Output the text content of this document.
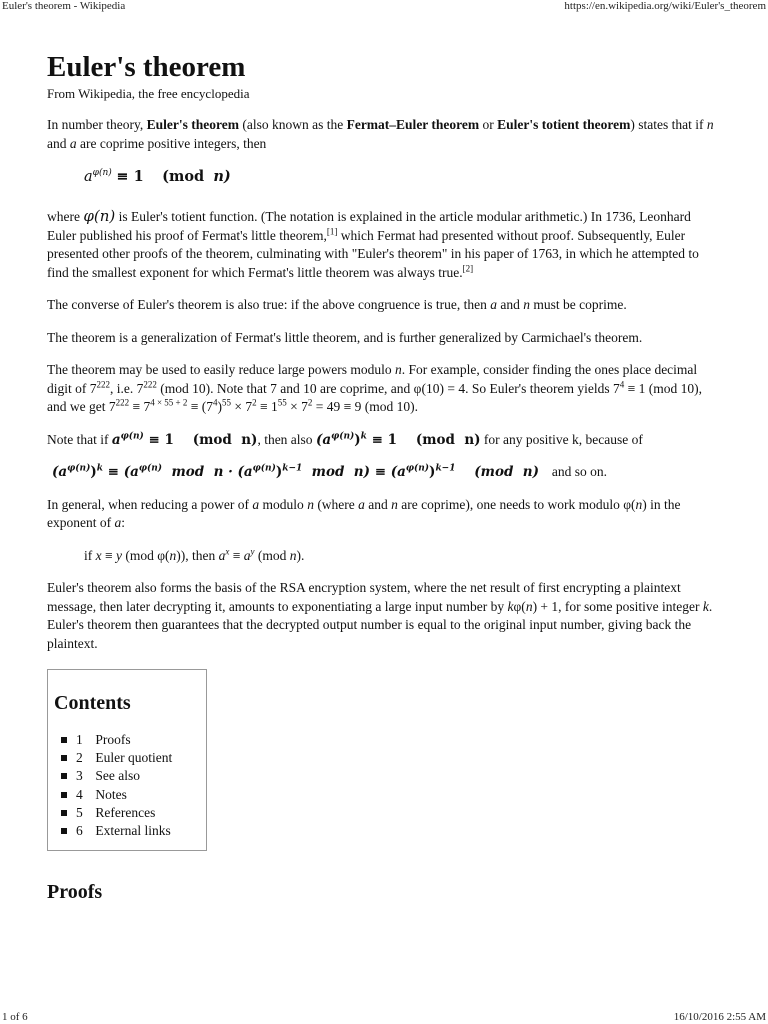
Euler's theorem - Wikipedia	https://en.wikipedia.org/wiki/Euler's_theorem
Euler's theorem
From Wikipedia, the free encyclopedia

In number theory, Euler's theorem (also known as the Fermat–Euler theorem or Euler's totient theorem) states that if n and a are coprime positive integers, then

$a^{\varphi(n)} \equiv 1$ (mod n)

where φ(n) is Euler's totient function. (The notation is explained in the article modular arithmetic.) In 1736, Leonhard Euler published his proof of Fermat's little theorem,[1] which Fermat had presented without proof. Subsequently, Euler presented other proofs of the theorem, culminating with "Euler's theorem" in his paper of 1763, in which he attempted to find the smallest exponent for which Fermat's little theorem was always true.[2]

The converse of Euler's theorem is also true: if the above congruence is true, then a and n must be coprime.

The theorem is a generalization of Fermat's little theorem, and is further generalized by Carmichael's theorem.

The theorem may be used to easily reduce large powers modulo n. For example, consider finding the ones place decimal digit of $7^{222}$, i.e. $7^{222}$ (mod 10). Note that 7 and 10 are coprime, and φ(10) = 4. So Euler's theorem yields $7^4 \equiv 1$ (mod 10), and we get $7^{222} \equiv 7^{4 \times 55 + 2} \equiv (7^4)^{55} \times 7^2 \equiv 1^{55} \times 7^2 = 49 \equiv 9$ (mod 10).

Note that if $a^{\varphi(n)} \equiv 1$    (mod  n), then also $(a^{\varphi(n)})^k \equiv 1$    (mod  n) for any positive k, because of

$(a^{\varphi(n)})^k \equiv (a^{\varphi(n)}$  mod  $n \cdot (a^{\varphi(n)})^{k-1}$  mod  $n) \equiv (a^{\varphi(n)})^{k-1}$    (mod  n) and so on.

In general, when reducing a power of a modulo n (where a and n are coprime), one needs to work modulo φ(n) in the exponent of a:

if x ≡ y (mod φ(n)), then $a^x \equiv a^y$ (mod n).

Euler's theorem also forms the basis of the RSA encryption system, where the net result of first encrypting a plaintext message, then later decrypting it, amounts to exponentiating a large input number by kφ(n) + 1, for some positive integer k. Euler's theorem then guarantees that the decrypted output number is equal to the original input number, giving back the plaintext.

Contents
1 Proofs
2 Euler quotient
3 See also
4 Notes
5 References
6 External links
Proofs
1 of 6	16/10/2016 2:55 AM
